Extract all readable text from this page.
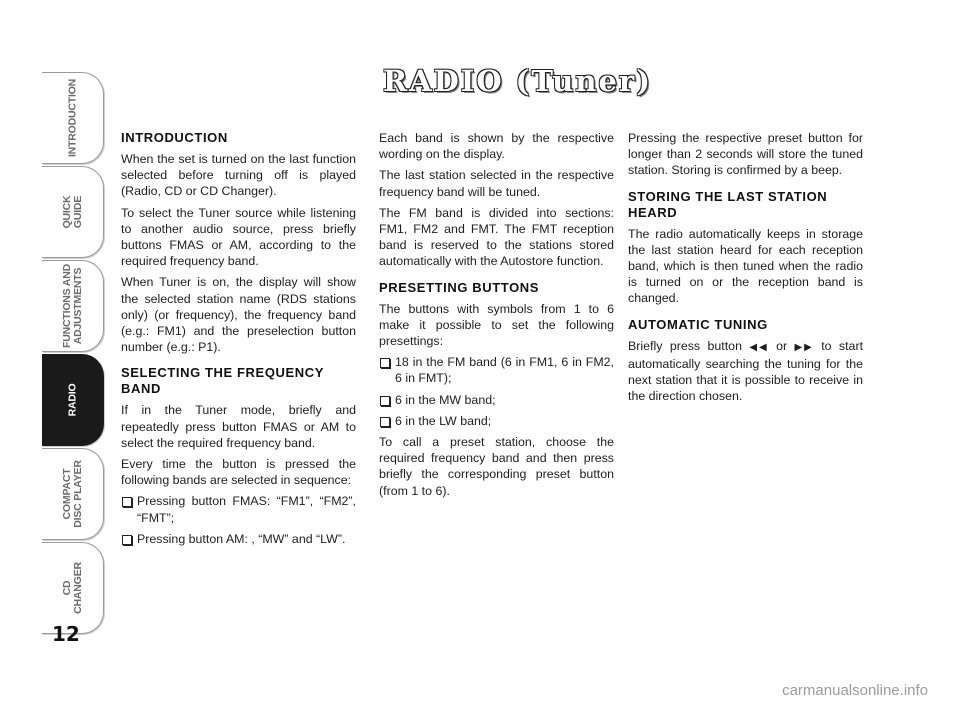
INTRODUCTION
QUICK
GUIDE
FUNCTIONS AND
ADJUSTMENTS
RADIO
COMPACT
DISC PLAYER
CD
CHANGER
12
RADIO (Tuner)
INTRODUCTION

When the set is turned on the last function selected before turning off is played (Radio, CD or CD Changer).

To select the Tuner source while listening to another audio source, press briefly buttons FMAS or AM, according to the required frequency band.

When Tuner is on, the display will show the selected station name (RDS stations only) (or frequency), the frequency band (e.g.: FM1) and the preselection button number (e.g.: P1).

SELECTING THE FREQUENCY BAND

If in the Tuner mode, briefly and repeatedly press button FMAS or AM to select the required frequency band.

Every time the button is pressed the following bands are selected in sequence:

Pressing button FMAS: “FM1”, “FM2”, “FMT”;
Pressing button AM: , “MW” and “LW”.

Each band is shown by the respective wording on the display.

The last station selected in the respective frequency band will be tuned.

The FM band is divided into sections: FM1, FM2 and FMT. The FMT reception band is reserved to the stations stored automatically with the Autostore function.

PRESETTING BUTTONS

The buttons with symbols from 1 to 6 make it possible to set the following presettings:

18 in the FM band (6 in FM1, 6 in FM2, 6 in FMT);
6 in the MW band;
6 in the LW band;

To call a preset station, choose the required frequency band and then press briefly the corresponding preset button (from 1 to 6).

Pressing the respective preset button for longer than 2 seconds will store the tuned station. Storing is confirmed by a beep.

STORING THE LAST STATION HEARD

The radio automatically keeps in storage the last station heard for each reception band, which is then tuned when the radio is turned on or the reception band is changed.

AUTOMATIC TUNING

Briefly press button ◀◀ or ▶▶ to start automatically searching the tuning for the next station that it is possible to receive in the direction chosen.

carmanualsonline.info
